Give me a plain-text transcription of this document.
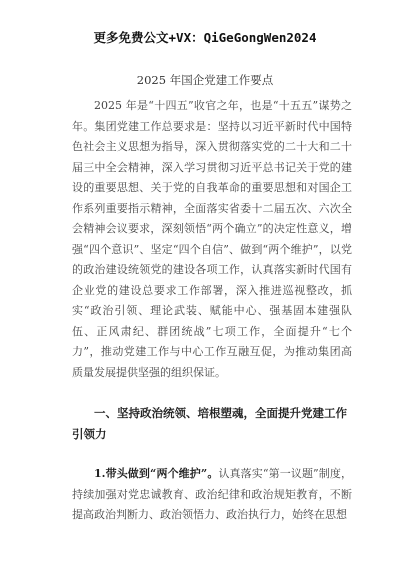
更多免费公文+VX：QiGeGongWen2024
2025 年国企党建工作要点

2025 年是“十四五”收官之年，也是“十五五”谋势之年。集团党建工作总要求是：坚持以习近平新时代中国特色社会主义思想为指导，深入贯彻落实党的二十大和二十届三中全会精神，深入学习贯彻习近平总书记关于党的建设的重要思想、关于党的自我革命的重要思想和对国企工作系列重要指示精神，全面落实省委十二届五次、六次全会精神会议要求，深刻领悟“两个确立”的决定性意义，增强“四个意识”、坚定“四个自信”、做到“两个维护”，以党的政治建设统领党的建设各项工作，认真落实新时代国有企业党的建设总要求工作部署，深入推进巡视整改，抓实“政治引领、理论武装、赋能中心、强基固本建强队伍、正风肃纪、群团统战”七项工作，全面提升“七个力”，推动党建工作与中心工作互融互促，为推动集团高质量发展提供坚强的组织保证。

一、坚持政治统领、培根塑魂，全面提升党建工作引领力

1.带头做到“两个维护”。认真落实“第一议题”制度，持续加强对党忠诚教育、政治纪律和政治规矩教育，不断提高政治判断力、政治领悟力、政治执行力，始终在思想
